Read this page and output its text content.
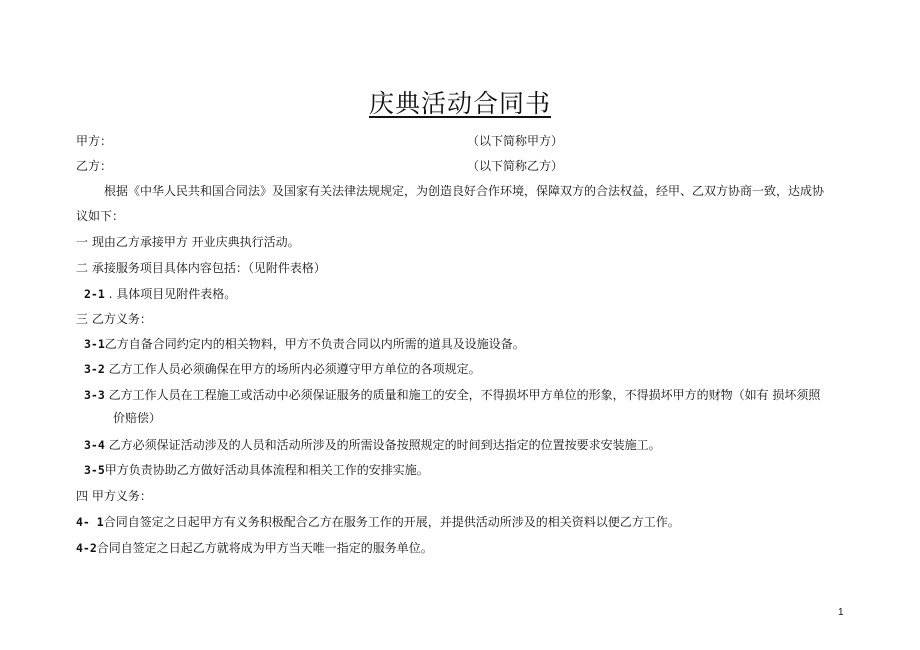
庆典活动合同书
甲方：	（以下简称甲方）
乙方：	（以下简称乙方）
根据《中华人民共和国合同法》及国家有关法律法规规定，为创造良好合作环境，保障双方的合法权益，经甲、乙双方协商一致，达成协
议如下：
一 现由乙方承接甲方 开业庆典执行活动。
二 承接服务项目具体内容包括：（见附件表格）
2-1 . 具体项目见附件表格。
三 乙方义务：
3-1乙方自备合同约定内的相关物料，甲方不负责合同以内所需的道具及设施设备。
3-2 乙方工作人员必须确保在甲方的场所内必须遵守甲方单位的各项规定。
3-3 乙方工作人员在工程施工或活动中必须保证服务的质量和施工的安全，不得损坏甲方单位的形象，不得损坏甲方的财物（如有 损坏须照
价赔偿）
3-4 乙方必须保证活动涉及的人员和活动所涉及的所需设备按照规定的时间到达指定的位置按要求安装施工。
3-5甲方负责协助乙方做好活动具体流程和相关工作的安排实施。
四 甲方义务：
4- 1合同自签定之日起甲方有义务积极配合乙方在服务工作的开展，并提供活动所涉及的相关资料以便乙方工作。
4-2合同自签定之日起乙方就将成为甲方当天唯一指定的服务单位。
1
